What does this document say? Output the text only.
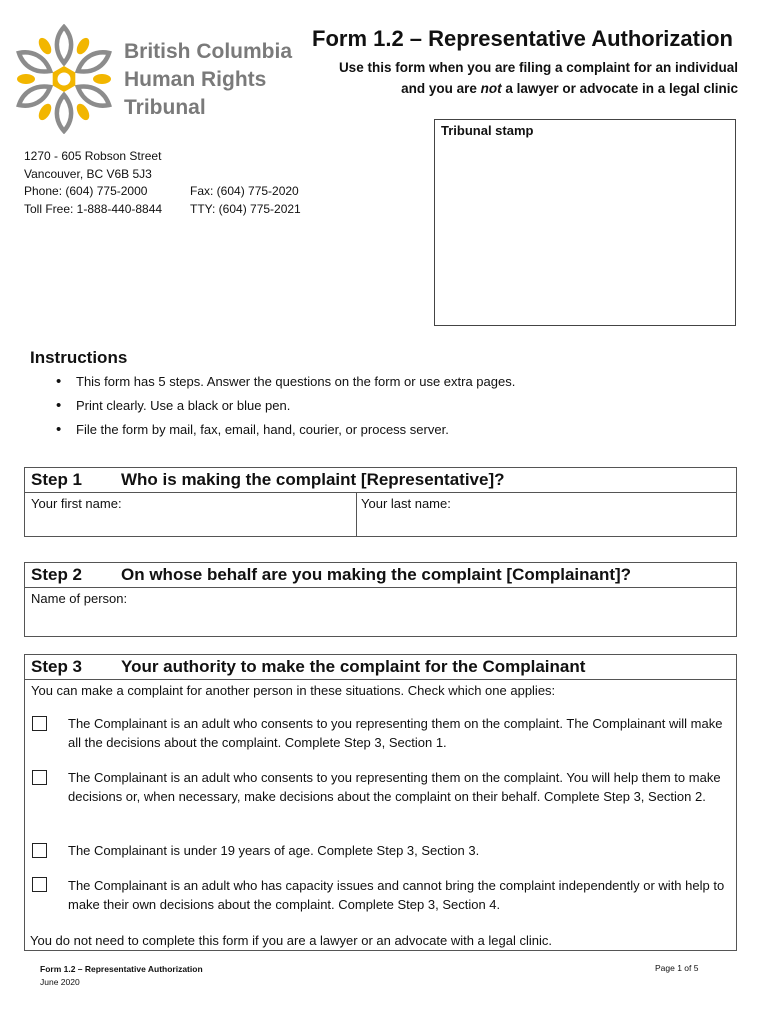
British Columbia
Human Rights
Tribunal
Form 1.2 – Representative Authorization
Use this form when you are filing a complaint for an individual
and you are not a lawyer or advocate in a legal clinic
Tribunal stamp
1270 - 605 Robson Street
Vancouver, BC V6B 5J3
Phone: (604) 775-2000	Fax: (604) 775-2020
Toll Free: 1-888-440-8844 TTY: (604) 775-2021
Instructions
• This form has 5 steps. Answer the questions on the form or use extra pages.
• Print clearly. Use a black or blue pen.
• File the form by mail, fax, email, hand, courier, or process server.
Step 1 Who is making the complaint [Representative]?
Your first name:	Your last name:
Step 2 On whose behalf are you making the complaint [Complainant]?
Name of person:
Step 3 Your authority to make the complaint for the Complainant
You can make a complaint for another person in these situations. Check which one applies:
The Complainant is an adult who consents to you representing them on the complaint. The Complainant will make all the decisions about the complaint. Complete Step 3, Section 1.
The Complainant is an adult who consents to you representing them on the complaint. You will help them to make decisions or, when necessary, make decisions about the complaint on their behalf. Complete Step 3, Section 2.
The Complainant is under 19 years of age. Complete Step 3, Section 3.
The Complainant is an adult who has capacity issues and cannot bring the complaint independently or with help to make their own decisions about the complaint. Complete Step 3, Section 4.
You do not need to complete this form if you are a lawyer or an advocate with a legal clinic.
Form 1.2 – Representative Authorization
June 2020
Page 1 of 5
